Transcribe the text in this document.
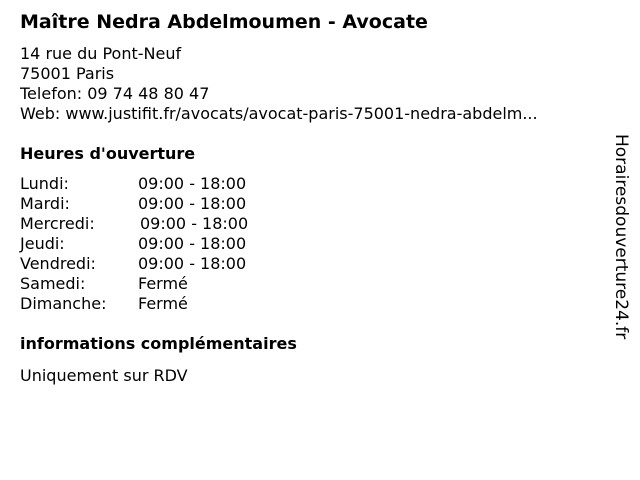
Maître Nedra Abdelmoumen - Avocate
14 rue du Pont-Neuf
75001 Paris
Telefon: 09 74 48 80 47
Web: www.justifit.fr/avocats/avocat-paris-75001-nedra-abdelm...
Heures d'ouverture
Lundi:	09:00 - 18:00
Mardi:	09:00 - 18:00
Mercredi:	09:00 - 18:00
Jeudi:	09:00 - 18:00
Vendredi:	09:00 - 18:00
Samedi:	Fermé
Dimanche: Fermé
informations complémentaires
Uniquement sur RDV
Horairesdouverture24.fr
